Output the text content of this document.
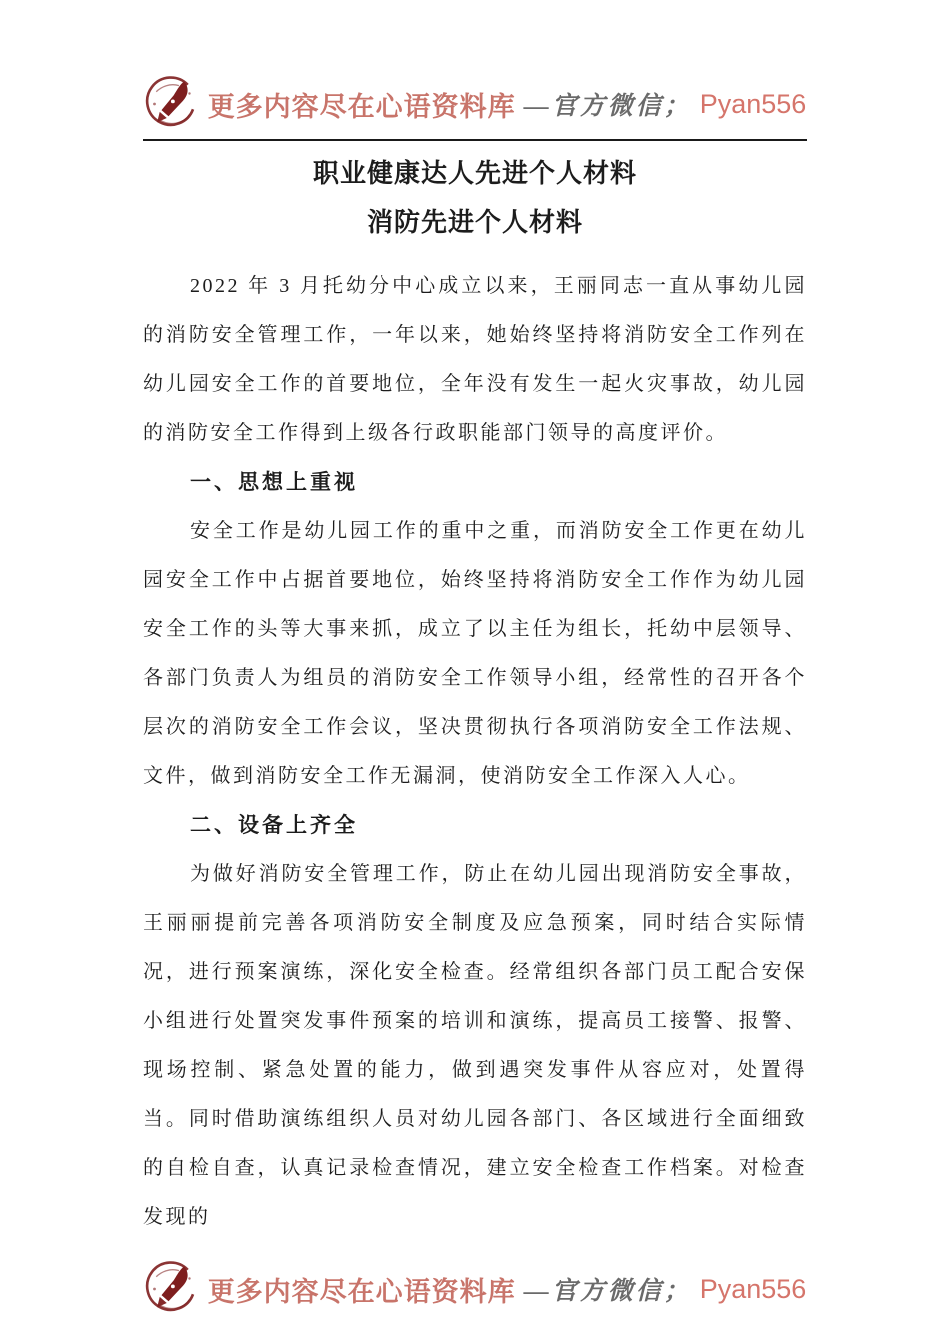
更多内容尽在心语资料库 —官方微信； Pyan556
职业健康达人先进个人材料
消防先进个人材料

2022 年 3 月托幼分中心成立以来，王丽同志一直从事幼儿园的消防安全管理工作，一年以来，她始终坚持将消防安全工作列在幼儿园安全工作的首要地位，全年没有发生一起火灾事故，幼儿园的消防安全工作得到上级各行政职能部门领导的高度评价。

一、思想上重视

安全工作是幼儿园工作的重中之重，而消防安全工作更在幼儿园安全工作中占据首要地位，始终坚持将消防安全工作作为幼儿园安全工作的头等大事来抓，成立了以主任为组长，托幼中层领导、各部门负责人为组员的消防安全工作领导小组，经常性的召开各个层次的消防安全工作会议，坚决贯彻执行各项消防安全工作法规、文件，做到消防安全工作无漏洞，使消防安全工作深入人心。

二、设备上齐全

为做好消防安全管理工作，防止在幼儿园出现消防安全事故，王丽丽提前完善各项消防安全制度及应急预案，同时结合实际情况，进行预案演练，深化安全检查。经常组织各部门员工配合安保小组进行处置突发事件预案的培训和演练，提高员工接警、报警、现场控制、紧急处置的能力，做到遇突发事件从容应对，处置得当。同时借助演练组织人员对幼儿园各部门、各区域进行全面细致的自检自查，认真记录检查情况，建立安全检查工作档案。对检查发现的

更多内容尽在心语资料库 —官方微信； Pyan556
